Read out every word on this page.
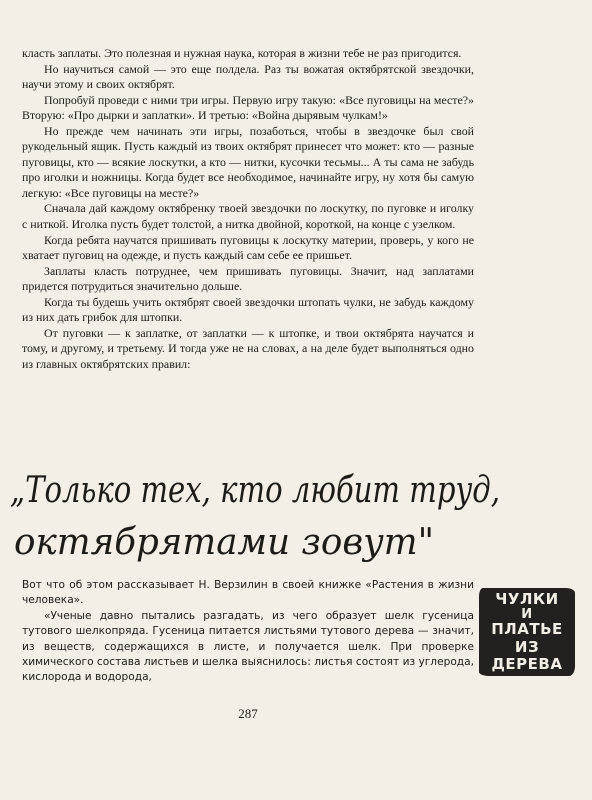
класть заплаты. Это полезная и нужная наука, которая в жизни тебе не раз пригодится.

Но научиться самой — это еще полдела. Раз ты вожатая октябрятской звездочки, научи этому и своих октябрят.

Попробуй проведи с ними три игры. Первую игру такую: «Все пуговицы на месте?» Вторую: «Про дырки и заплатки». И третью: «Война дырявым чулкам!»

Но прежде чем начинать эти игры, позаботься, чтобы в звездочке был свой рукодельный ящик. Пусть каждый из твоих октябрят принесет что может: кто — разные пуговицы, кто — всякие лоскутки, а кто — нитки, кусочки тесьмы... А ты сама не забудь про иголки и ножницы. Когда будет все необходимое, начинайте игру, ну хотя бы самую легкую: «Все пуговицы на месте?»

Сначала дай каждому октябренку твоей звездочки по лоскутку, по пуговке и иголку с ниткой. Иголка пусть будет толстой, а нитка двойной, короткой, на конце с узелком.

Когда ребята научатся пришивать пуговицы к лоскутку материи, проверь, у кого не хватает пуговиц на одежде, и пусть каждый сам себе ее пришьет.

Заплаты класть потруднее, чем пришивать пуговицы. Значит, над заплатами придется потрудиться значительно дольше.

Когда ты будешь учить октябрят своей звездочки штопать чулки, не забудь каждому из них дать грибок для штопки.

От пуговки — к заплатке, от заплатки — к штопке, и твои октябрята научатся и тому, и другому, и третьему. И тогда уже не на словах, а на деле будет выполняться одно из главных октябрятских правил:

„Только тех, кто любит труд,
октябрятами зовут"

Вот что об этом рассказывает Н. Верзилин в своей книжке «Растения в жизни человека».

«Ученые давно пытались разгадать, из чего образует шелк гусеница тутового шелкопряда. Гусеница питается листьями тутового дерева — значит, из веществ, содержащихся в листе, и получается шелк. При проверке химического состава листьев и шелка выяснилось: листья состоят из углерода, кислорода и водорода,

ЧУЛКИ
И
ПЛАТЬЕ
ИЗ ДЕРЕВА
287
